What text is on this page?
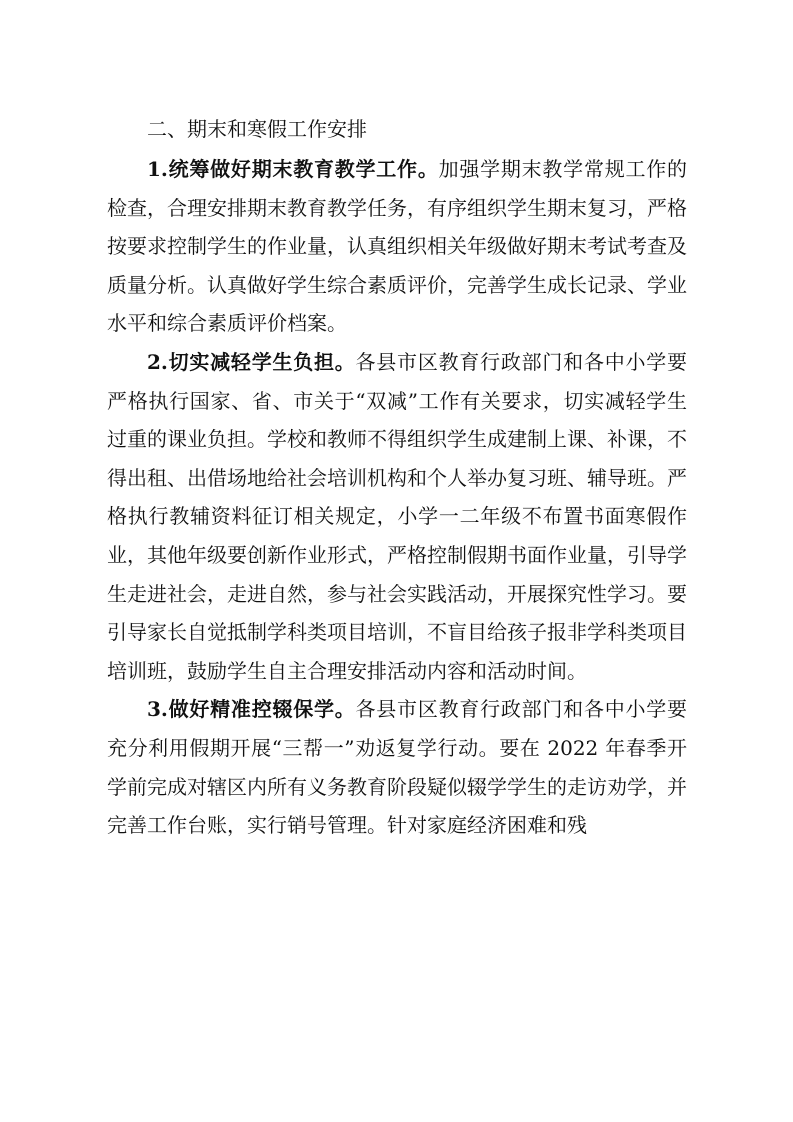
二、期末和寒假工作安排

1.统筹做好期末教育教学工作。加强学期末教学常规工作的检查，合理安排期末教育教学任务，有序组织学生期末复习，严格按要求控制学生的作业量，认真组织相关年级做好期末考试考查及质量分析。认真做好学生综合素质评价，完善学生成长记录、学业水平和综合素质评价档案。

2.切实减轻学生负担。各县市区教育行政部门和各中小学要严格执行国家、省、市关于“双减”工作有关要求，切实减轻学生过重的课业负担。学校和教师不得组织学生成建制上课、补课，不得出租、出借场地给社会培训机构和个人举办复习班、辅导班。严格执行教辅资料征订相关规定，小学一二年级不布置书面寒假作业，其他年级要创新作业形式，严格控制假期书面作业量，引导学生走进社会，走进自然，参与社会实践活动，开展探究性学习。要引导家长自觉抵制学科类项目培训，不盲目给孩子报非学科类项目培训班，鼓励学生自主合理安排活动内容和活动时间。

3.做好精准控辍保学。各县市区教育行政部门和各中小学要充分利用假期开展“三帮一”劝返复学行动。要在 2022 年春季开学前完成对辖区内所有义务教育阶段疑似辍学学生的走访劝学，并完善工作台账，实行销号管理。针对家庭经济困难和残
